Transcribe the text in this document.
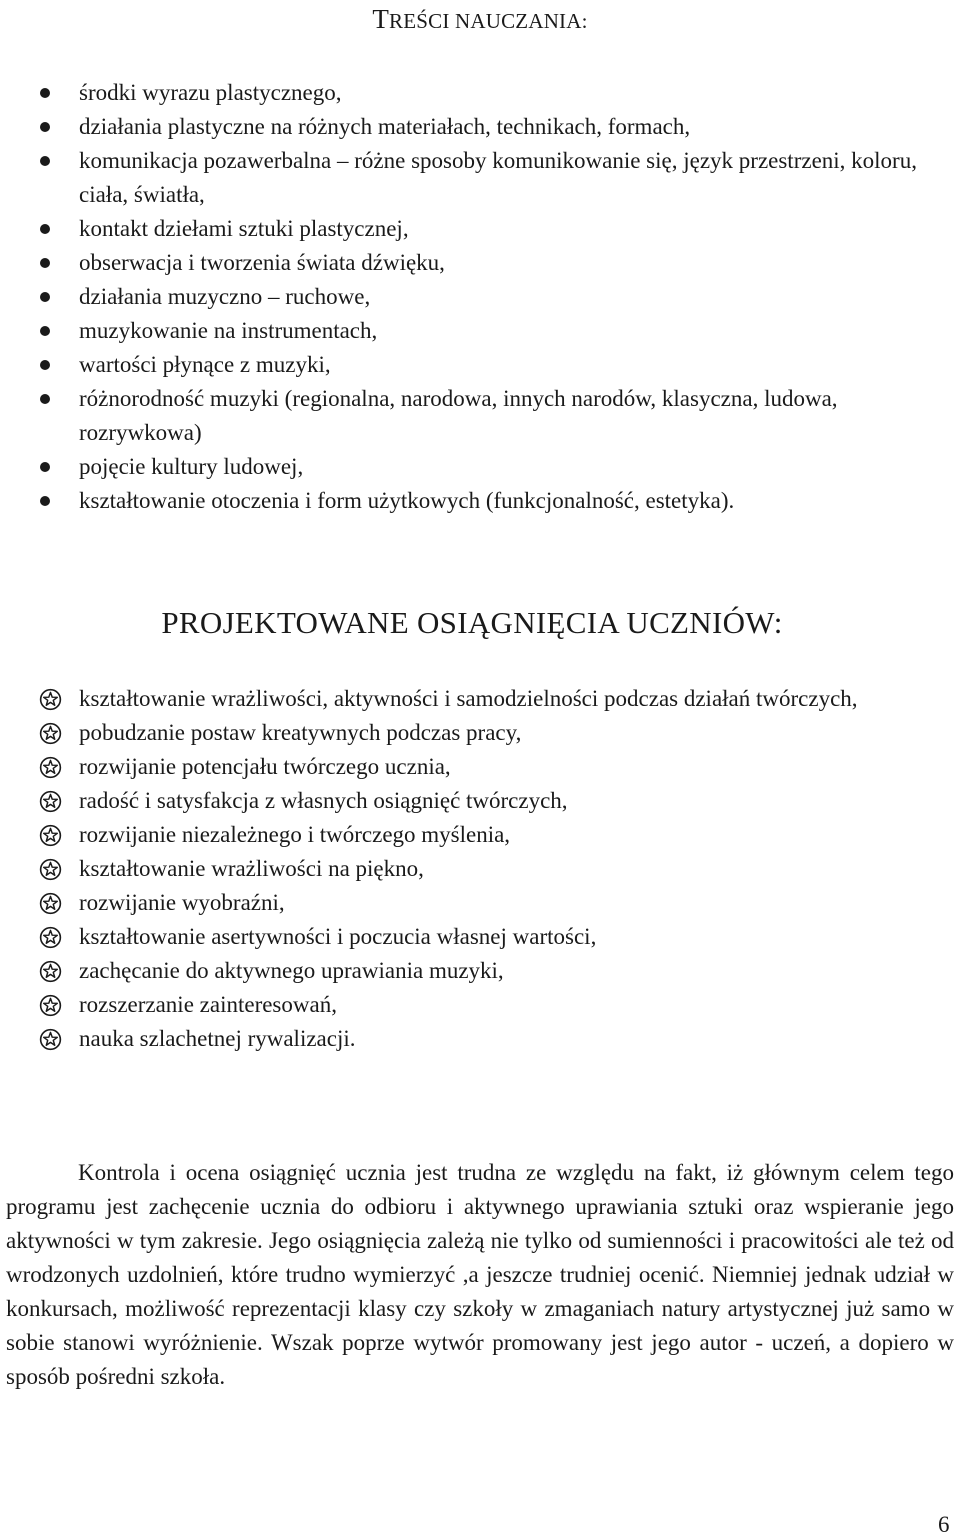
TREŚCI NAUCZANIA:
środki wyrazu plastycznego,
działania plastyczne na różnych materiałach, technikach, formach,
komunikacja pozawerbalna – różne sposoby komunikowanie się, język przestrzeni, koloru, ciała, światła,
kontakt dziełami sztuki plastycznej,
obserwacja i tworzenia świata dźwięku,
działania muzyczno – ruchowe,
muzykowanie na instrumentach,
wartości płynące z muzyki,
różnorodność muzyki (regionalna, narodowa, innych narodów, klasyczna, ludowa, rozrywkowa)
pojęcie kultury ludowej,
kształtowanie otoczenia i form użytkowych (funkcjonalność, estetyka).
PROJEKTOWANE OSIĄGNIĘCIA UCZNIÓW:
kształtowanie wrażliwości, aktywności i samodzielności podczas działań twórczych,
pobudzanie postaw kreatywnych podczas pracy,
rozwijanie potencjału twórczego ucznia,
radość i satysfakcja z własnych osiągnięć twórczych,
rozwijanie niezależnego i twórczego myślenia,
kształtowanie wrażliwości na piękno,
rozwijanie wyobraźni,
kształtowanie asertywności i poczucia własnej wartości,
zachęcanie do aktywnego uprawiania muzyki,
rozszerzanie zainteresowań,
nauka szlachetnej rywalizacji.

Kontrola i ocena osiągnięć ucznia jest trudna ze względu na fakt, iż głównym celem tego programu jest zachęcenie ucznia do odbioru i aktywnego uprawiania sztuki oraz wspieranie jego aktywności w tym zakresie. Jego osiągnięcia zależą nie tylko od sumienności i pracowitości ale też od wrodzonych uzdolnień, które trudno wymierzyć ,a jeszcze trudniej ocenić. Niemniej jednak udział w konkursach, możliwość reprezentacji klasy czy szkoły w zmaganiach natury artystycznej już samo w sobie stanowi wyróżnienie. Wszak poprze wytwór promowany jest jego autor - uczeń, a dopiero w sposób pośredni szkoła.

6
